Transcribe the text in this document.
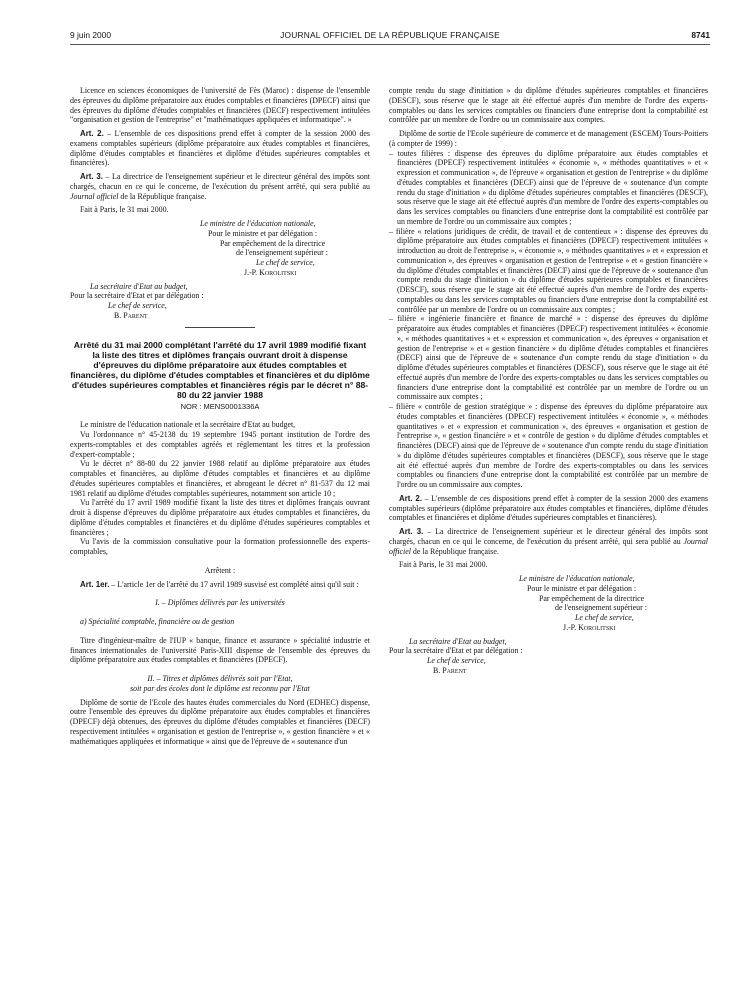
9 juin 2000	JOURNAL OFFICIEL DE LA RÉPUBLIQUE FRANÇAISE	8741

Licence en sciences économiques de l'université de Fès (Maroc) : dispense de l'ensemble des épreuves du diplôme préparatoire aux études comptables et financières (DPECF) ainsi que des épreuves du diplôme d'études comptables et financières (DECF) respectivement intitulées "organisation et gestion de l'entreprise" et "mathématiques appliquées et informatique". »

Art. 2. – L'ensemble de ces dispositions prend effet à compter de la session 2000 des examens comptables supérieurs (diplôme préparatoire aux études comptables et financières, diplôme d'études comptables et financières et diplôme d'études supérieures comptables et financières).

Art. 3. – La directrice de l'enseignement supérieur et le directeur général des impôts sont chargés, chacun en ce qui le concerne, de l'exécution du présent arrêté, qui sera publié au Journal officiel de la République française.

Fait à Paris, le 31 mai 2000.

Le ministre de l'éducation nationale,
Pour le ministre et par délégation :
Par empêchement de la directrice
de l'enseignement supérieur :
Le chef de service,
J.-P. Korolitski
La secrétaire d'Etat au budget,
Pour la secrétaire d'Etat et par délégation :
Le chef de service,
B. Parent

Arrêté du 31 mai 2000 complétant l'arrêté du 17 avril 1989 modifié fixant la liste des titres et diplômes français ouvrant droit à dispense d'épreuves du diplôme préparatoire aux études comptables et financières, du diplôme d'études comptables et financières et du diplôme d'études supérieures comptables et financières régis par le décret n° 88-80 du 22 janvier 1988

NOR : MENS0001336A

Le ministre de l'éducation nationale et la secrétaire d'Etat au budget,

Vu l'ordonnance n° 45-2138 du 19 septembre 1945 portant institution de l'ordre des experts-comptables et des comptables agréés et réglementant les titres et la profession d'expert-comptable ;

Vu le décret n° 88-80 du 22 janvier 1988 relatif au diplôme préparatoire aux études comptables et financières, au diplôme d'études comptables et financières et au diplôme d'études supérieures comptables et financières, et abrogeant le décret n° 81-537 du 12 mai 1981 relatif au diplôme d'études comptables supérieures, notamment son article 10 ;

Vu l'arrêté du 17 avril 1989 modifié fixant la liste des titres et diplômes français ouvrant droit à dispense d'épreuves du diplôme préparatoire aux études comptables et financières, du diplôme d'études comptables et financières et du diplôme d'études supérieures comptables et financières ;

Vu l'avis de la commission consultative pour la formation professionnelle des experts-comptables,

Arrêtent :

Art. 1er. – L'article 1er de l'arrêté du 17 avril 1989 susvisé est complété ainsi qu'il suit :

I. – Diplômes délivrés par les universités

a) Spécialité comptable, financière ou de gestion

Titre d'ingénieur-maître de l'IUP « banque, finance et assurance » spécialité industrie et finances internationales de l'université Paris-XIII dispense de l'ensemble des épreuves du diplôme préparatoire aux études comptables et financières (DPECF).

II. – Titres et diplômes délivrés soit par l'Etat,

soit par des écoles dont le diplôme est reconnu par l'Etat

Diplôme de sortie de l'Ecole des hautes études commerciales du Nord (EDHEC) dispense, outre l'ensemble des épreuves du diplôme préparatoire aux études comptables et financières (DPECF) déjà obtenues, des épreuves du diplôme d'études comptables et financières (DECF) respectivement intitulées « organisation et gestion de l'entreprise », « gestion financière » et « mathématiques appliquées et informatique » ainsi que de l'épreuve de « soutenance d'un

compte rendu du stage d'initiation » du diplôme d'études supérieures comptables et financières (DESCF), sous réserve que le stage ait été effectué auprès d'un membre de l'ordre des experts-comptables ou dans les services comptables ou financiers d'une entreprise dont la comptabilité est contrôlée par un membre de l'ordre ou un commissaire aux comptes.

Diplôme de sortie de l'Ecole supérieure de commerce et de management (ESCEM) Tours-Poitiers (à compter de 1999) :

– toutes filières : dispense des épreuves du diplôme préparatoire aux études comptables et financières (DPECF) respectivement intitulées « économie », « méthodes quantitatives » et « expression et communication », de l'épreuve « organisation et gestion de l'entreprise » du diplôme d'études comptables et financières (DECF) ainsi que de l'épreuve de « soutenance d'un compte rendu du stage d'initiation » du diplôme d'études supérieures comptables et financières (DESCF), sous réserve que le stage ait été effectué auprès d'un membre de l'ordre des experts-comptables ou dans les services comptables ou financiers d'une entreprise dont la comptabilité est contrôlée par un membre de l'ordre ou un commissaire aux comptes ;

– filière « relations juridiques de crédit, de travail et de contentieux » : dispense des épreuves du diplôme préparatoire aux études comptables et financières (DPECF) respectivement intitulées « introduction au droit de l'entreprise », « économie », « méthodes quantitatives » et « expression et communication », des épreuves « organisation et gestion de l'entreprise » et « gestion financière » du diplôme d'études comptables et financières (DECF) ainsi que de l'épreuve de « soutenance d'un compte rendu du stage d'initiation » du diplôme d'études supérieures comptables et financières (DESCF), sous réserve que le stage ait été effectué auprès d'un membre de l'ordre des experts-comptables ou dans les services comptables ou financiers d'une entreprise dont la comptabilité est contrôlée par un membre de l'ordre ou un commissaire aux comptes ;

– filière « ingénierie financière et finance de marché » : dispense des épreuves du diplôme préparatoire aux études comptables et financières (DPECF) respectivement intitulées « économie », « méthodes quantitatives » et « expression et communication », des épreuves « organisation et gestion de l'entreprise » et « gestion financière » du diplôme d'études comptables et financières (DECF) ainsi que de l'épreuve de « soutenance d'un compte rendu du stage d'initiation » du diplôme d'études supérieures comptables et financières (DESCF), sous réserve que le stage ait été effectué auprès d'un membre de l'ordre des experts-comptables ou dans les services comptables ou financiers d'une entreprise dont la comptabilité est contrôlée par un membre de l'ordre ou un commissaire aux comptes ;

– filière « contrôle de gestion stratégique » : dispense des épreuves du diplôme préparatoire aux études comptables et financières (DPECF) respectivement intitulées « économie », « méthodes quantitatives » et « expression et communication », des épreuves « organisation et gestion de l'entreprise », « gestion financière » et « contrôle de gestion » du diplôme d'études comptables et financières (DECF) ainsi que de l'épreuve de « soutenance d'un compte rendu du stage d'initiation » du diplôme d'études supérieures comptables et financières (DESCF), sous réserve que le stage ait été effectué auprès d'un membre de l'ordre des experts-comptables ou dans les services comptables ou financiers d'une entreprise dont la comptabilité est contrôlée par un membre de l'ordre ou un commissaire aux comptes.

Art. 2. – L'ensemble de ces dispositions prend effet à compter de la session 2000 des examens comptables supérieurs (diplôme préparatoire aux études comptables et financières, diplôme d'études comptables et financières et diplôme d'études supérieures comptables et financières).

Art. 3. – La directrice de l'enseignement supérieur et le directeur général des impôts sont chargés, chacun en ce qui le concerne, de l'exécution du présent arrêté, qui sera publié au Journal officiel de la République française.

Fait à Paris, le 31 mai 2000.

Le ministre de l'éducation nationale,
Pour le ministre et par délégation :
Par empêchement de la directrice
de l'enseignement supérieur :
Le chef de service,
J.-P. Korolitski
La secrétaire d'Etat au budget,
Pour la secrétaire d'Etat et par délégation :
Le chef de service,
B. Parent
